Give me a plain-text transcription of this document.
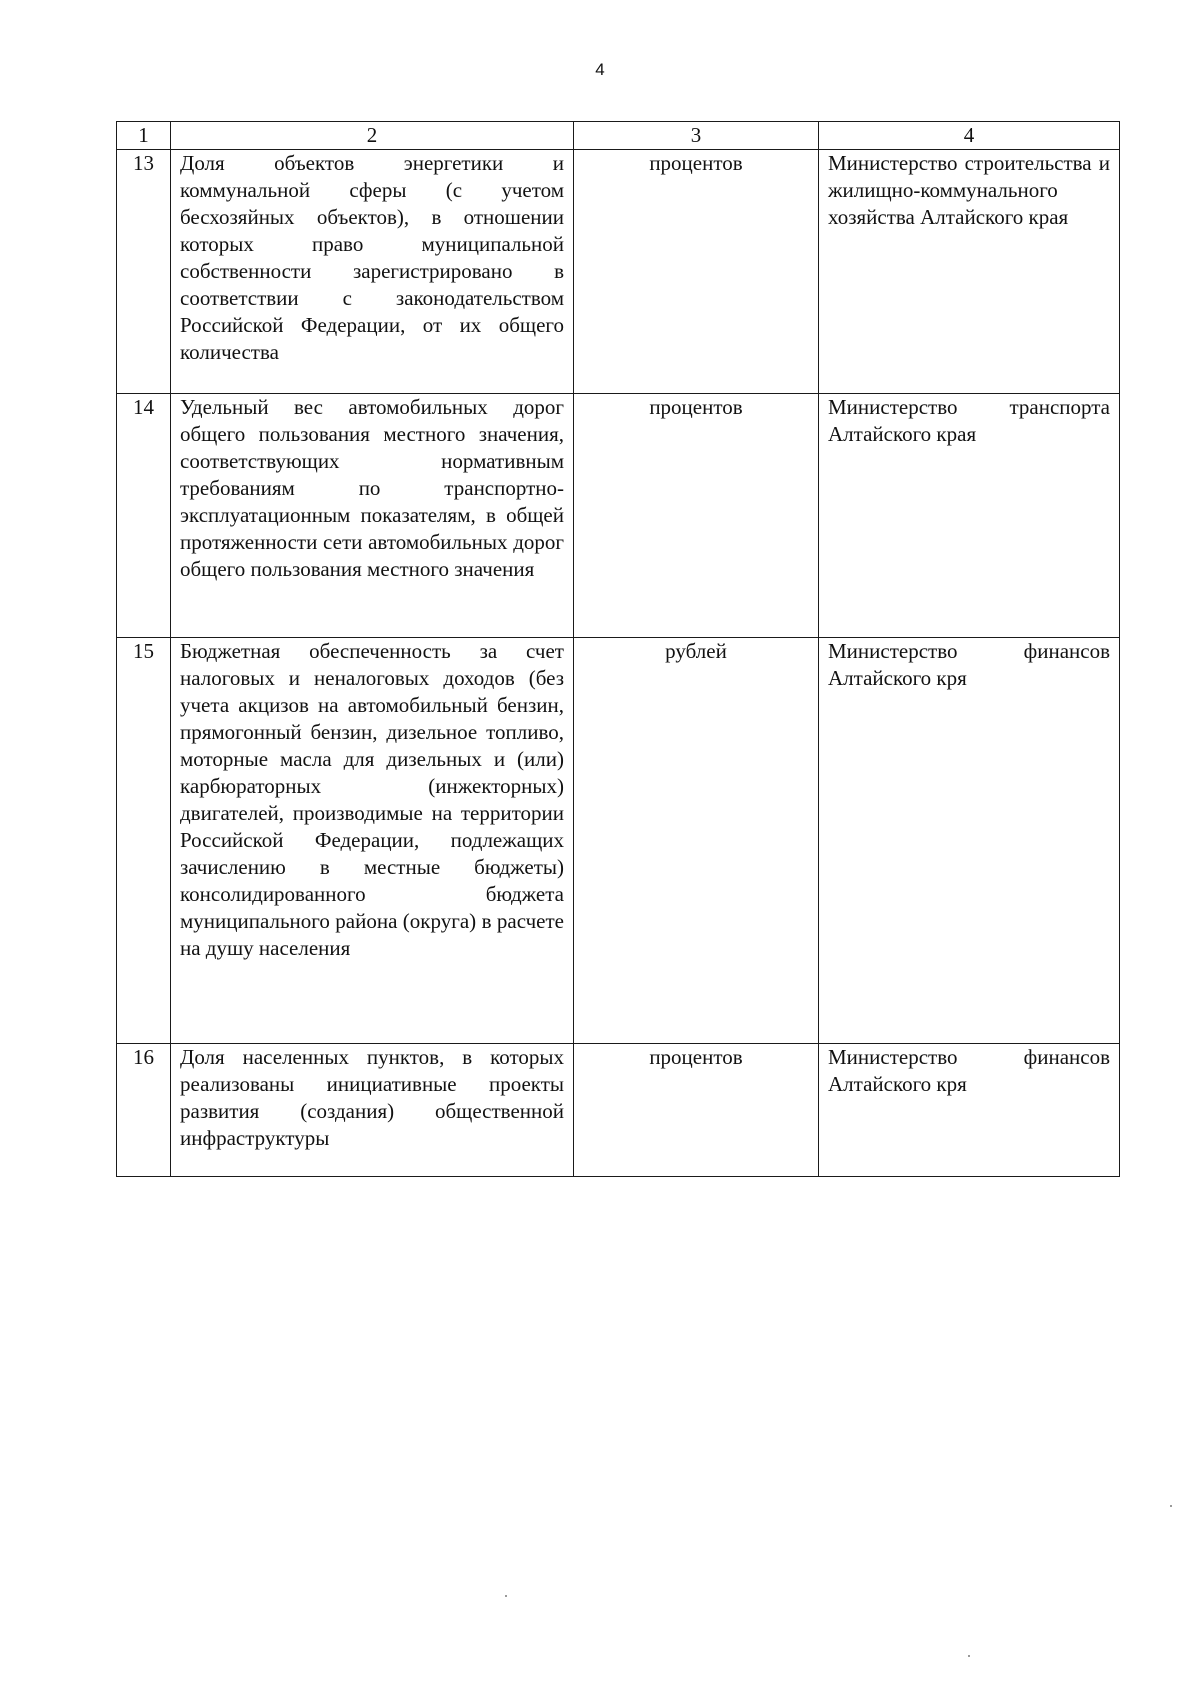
4
1	2	3	4
13	Доля объектов энергетики и коммунальной сферы (с учетом бесхозяйных объектов), в отношении которых право муниципальной собственности зарегистрировано в соответствии с законодательством Российской Федерации, от их общего количества	процентов	Министерство строительства и жилищно-коммунального хозяйства Алтайского края
14	Удельный вес автомобильных дорог общего пользования местного значения, соответствующих нормативным требованиям по транспортно-эксплуатационным показателям, в общей протяженности сети автомобильных дорог общего пользования местного значения	процентов	Министерство транспорта Алтайского края
15	Бюджетная обеспеченность за счет налоговых и неналоговых доходов (без учета акцизов на автомобильный бензин, прямогонный бензин, дизельное топливо, моторные масла для дизельных и (или) карбюраторных (инжекторных) двигателей, производимые на территории Российской Федерации, подлежащих зачислению в местные бюджеты) консолидированного бюджета муниципального района (округа) в расчете на душу населения	рублей	Министерство финансов Алтайского кря
16	Доля населенных пунктов, в которых реализованы инициативные проекты развития (создания) общественной инфраструктуры	процентов	Министерство финансов Алтайского кря
